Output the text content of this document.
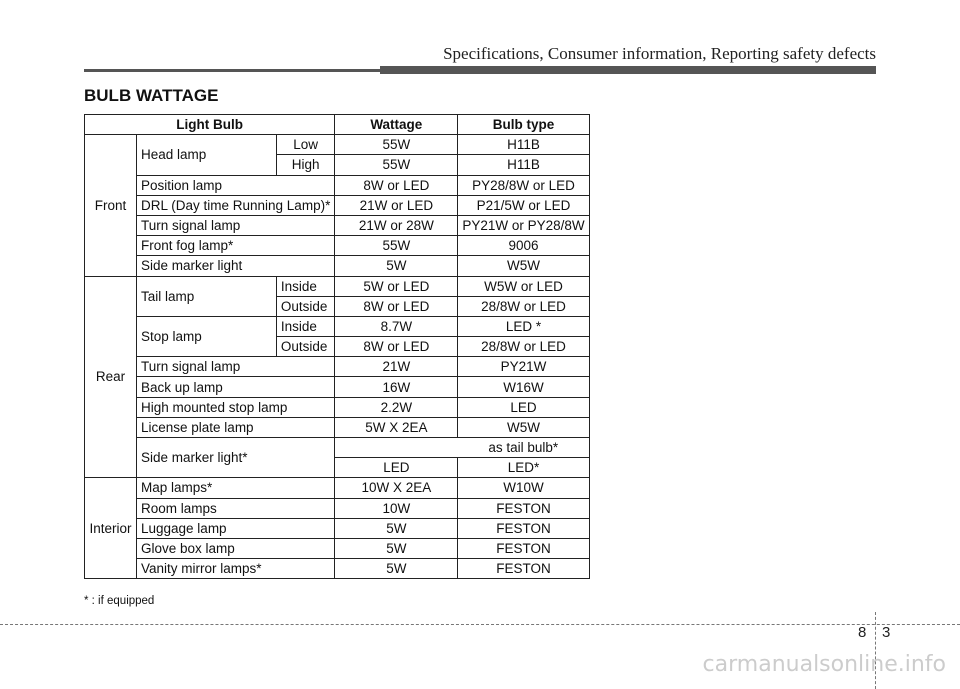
Specifications, Consumer information, Reporting safety defects
BULB WATTAGE
Light Bulb			Wattage	Bulb type
Front	Head lamp	Low	55W	H11B
		High	55W	H11B
	Position lamp		8W or LED	PY28/8W or LED
	DRL (Day time Running Lamp)*		21W or LED	P21/5W or LED
	Turn signal lamp		21W or 28W	PY21W or PY28/8W
	Front fog lamp*		55W	9006
	Side marker light		5W	W5W
Rear	Tail lamp	Inside	5W or LED	W5W or LED
		Outside	8W or LED	28/8W or LED
	Stop lamp	Inside	8.7W	LED *
		Outside	8W or LED	28/8W or LED
	Turn signal lamp		21W	PY21W
	Back up lamp		16W	W16W
	High mounted stop lamp		2.2W	LED
	License plate lamp		5W X 2EA	W5W
	Side marker light*			as tail bulb*
			LED	LED*
Interior	Map lamps*		10W X 2EA	W10W
	Room lamps		10W	FESTON
	Luggage lamp		5W	FESTON
	Glove box lamp		5W	FESTON
	Vanity mirror lamps*		5W	FESTON
* : if equipped
8 3
carmanualsonline.info
